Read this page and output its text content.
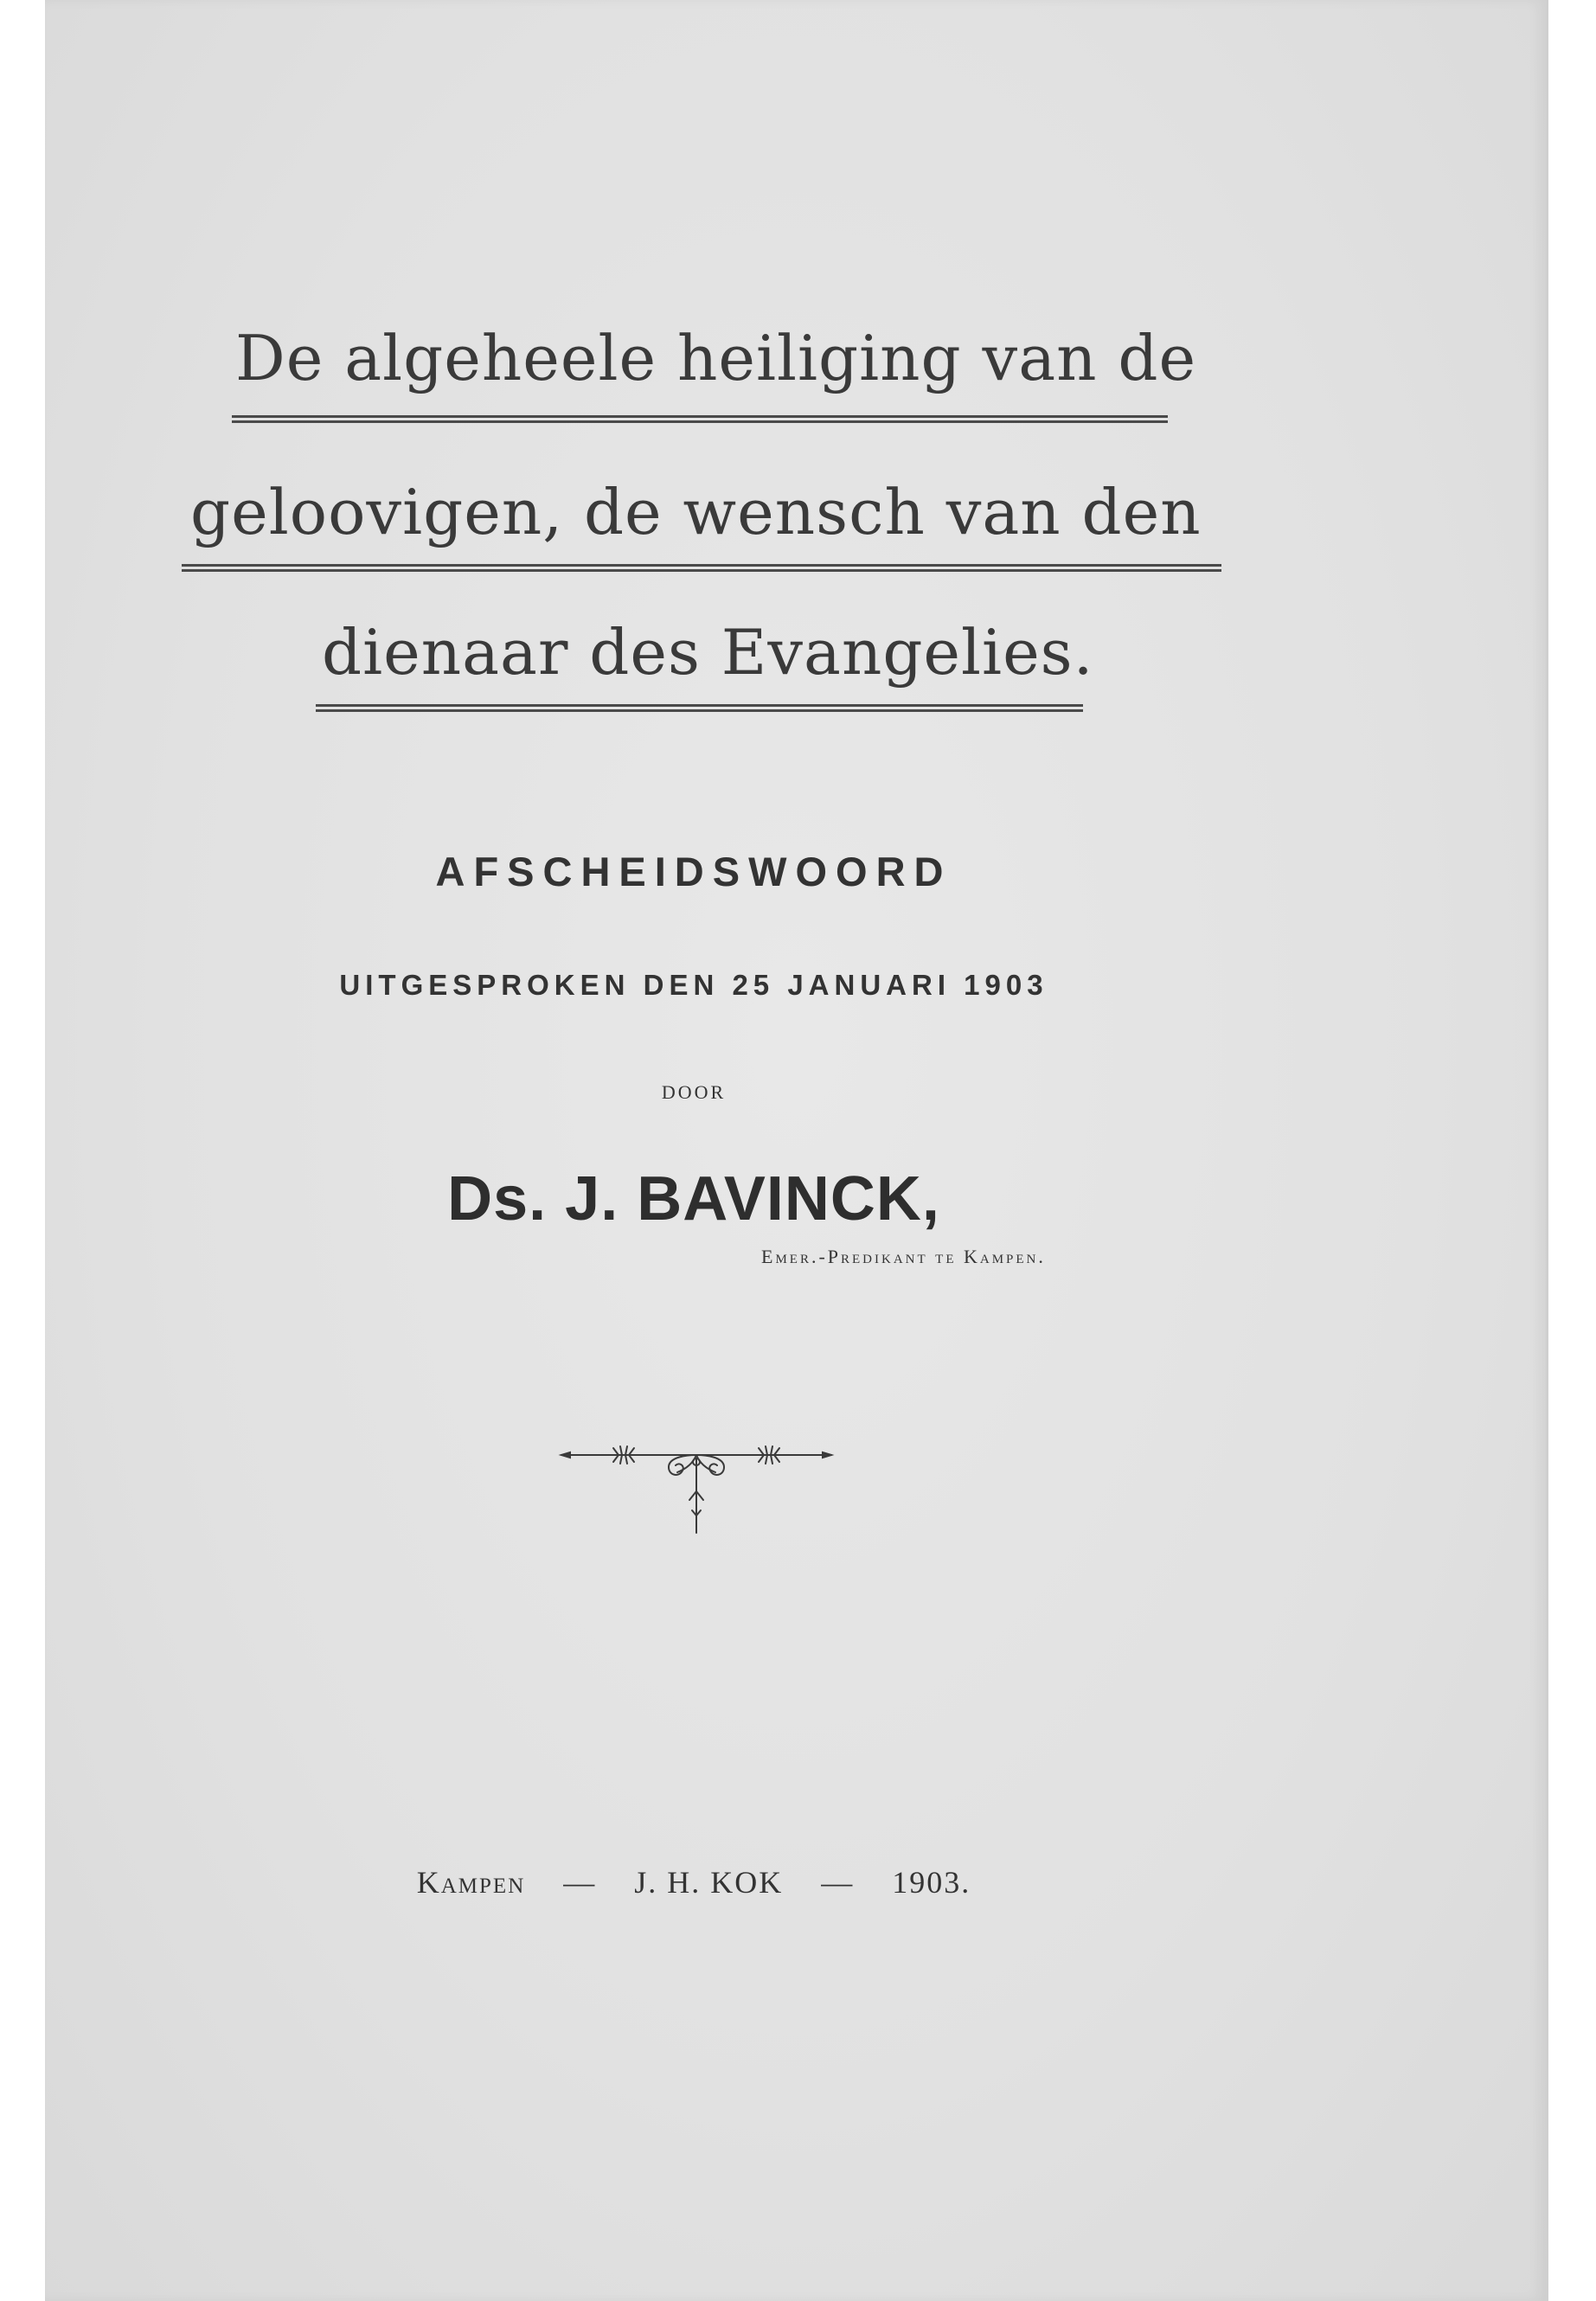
De algeheele heiliging van de
geloovigen, de wensch van den
dienaar des Evangelies.
AFSCHEIDSWOORD
UITGESPROKEN DEN 25 JANUARI 1903
DOOR
Ds. J. BAVINCK,
Emer.-Predikant te Kampen.
Kampen — J. H. KOK — 1903.
